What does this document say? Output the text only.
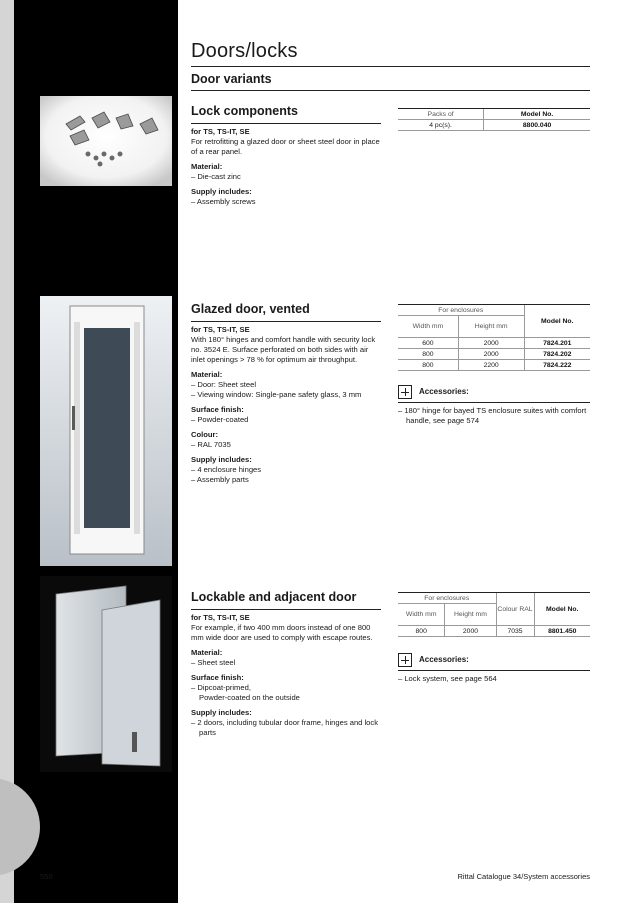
Doors/locks
Door variants
Lock components
for TS, TS-IT, SE
For retrofitting a glazed door or sheet steel door in place of a rear panel.
Material:
– Die-cast zinc
Supply includes:
– Assembly screws
Packs of	Model No.
4 pc(s).	8800.040
Glazed door, vented
for TS, TS-IT, SE
With 180° hinges and comfort handle with security lock no. 3524 E. Surface perforated on both sides with air inlet openings > 78 % for optimum air throughput.
Material:
– Door: Sheet steel
– Viewing window: Single-pane safety glass, 3 mm
Surface finish:
– Powder-coated
Colour:
– RAL 7035
Supply includes:
– 4 enclosure hinges
– Assembly parts
For enclosures		Model No.
Width mm	Height mm	
600	2000	7824.201
800	2000	7824.202
800	2200	7824.222
Accessories:
– 180° hinge for bayed TS enclosure suites with comfort handle, see page 574
Lockable and adjacent door
for TS, TS-IT, SE
For example, if two 400 mm doors instead of one 800 mm wide door are used to comply with escape routes.
Material:
– Sheet steel
Surface finish:
– Dipcoat-primed,
Powder-coated on the outside
Supply includes:
– 2 doors, including tubular door frame, hinges and lock parts
For enclosures		Colour RAL	Model No.
Width mm	Height mm		
800	2000	7035	8801.450
Accessories:
– Lock system, see page 564
550	Rittal Catalogue 34/System accessories
